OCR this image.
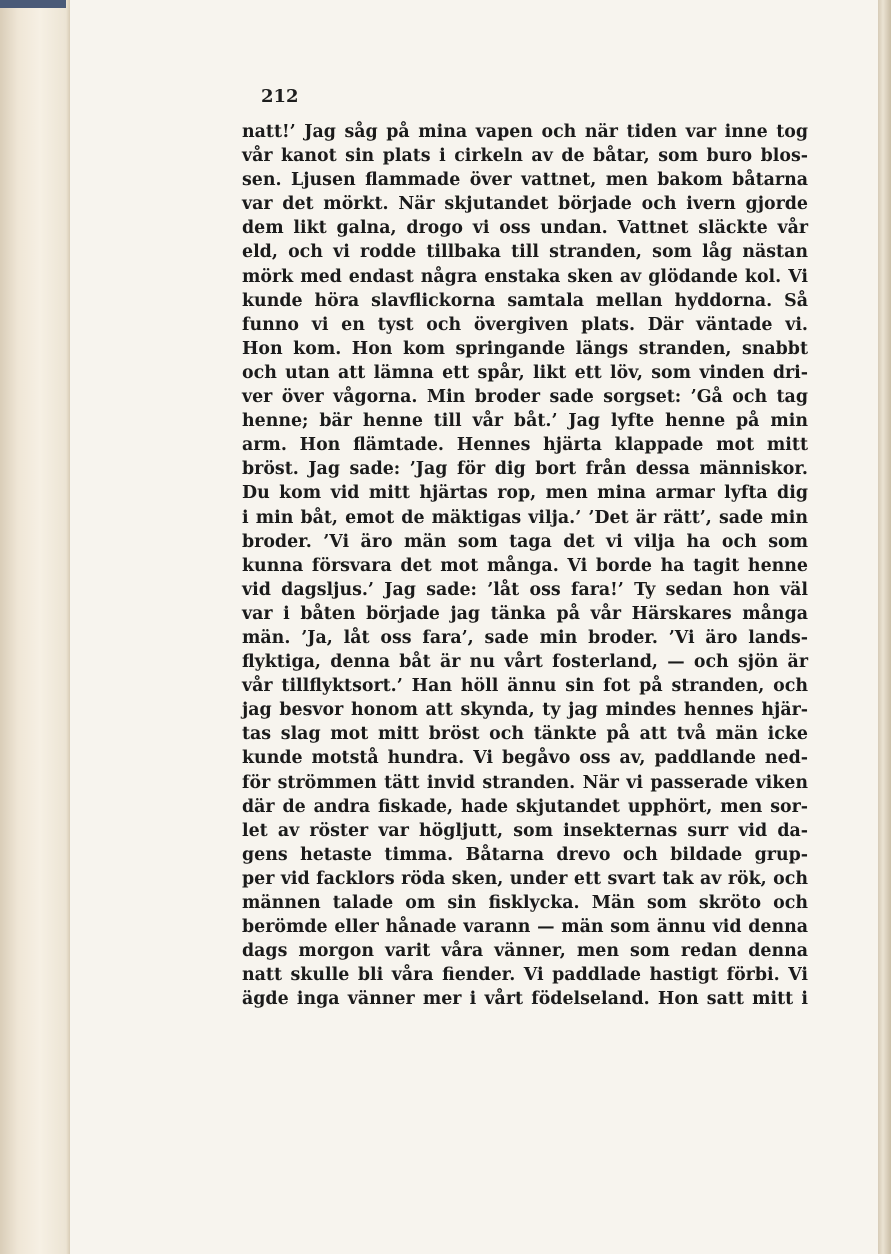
212
natt!’ Jag såg på mina vapen och när tiden var inne tog
vår kanot sin plats i cirkeln av de båtar, som buro blos-
sen. Ljusen flammade över vattnet, men bakom båtarna
var det mörkt. När skjutandet började och ivern gjorde
dem likt galna, drogo vi oss undan. Vattnet släckte vår
eld, och vi rodde tillbaka till stranden, som låg nästan
mörk med endast några enstaka sken av glödande kol. Vi
kunde höra slavflickorna samtala mellan hyddorna. Så
funno vi en tyst och övergiven plats. Där väntade vi.
Hon kom. Hon kom springande längs stranden, snabbt
och utan att lämna ett spår, likt ett löv, som vinden dri-
ver över vågorna. Min broder sade sorgset: ’Gå och tag
henne; bär henne till vår båt.’ Jag lyfte henne på min
arm. Hon flämtade. Hennes hjärta klappade mot mitt
bröst. Jag sade: ’Jag för dig bort från dessa människor.
Du kom vid mitt hjärtas rop, men mina armar lyfta dig
i min båt, emot de mäktigas vilja.’ ’Det är rätt’, sade min
broder. ’Vi äro män som taga det vi vilja ha och som
kunna försvara det mot många. Vi borde ha tagit henne
vid dagsljus.’ Jag sade: ’låt oss fara!’ Ty sedan hon väl
var i båten började jag tänka på vår Härskares många
män. ’Ja, låt oss fara’, sade min broder. ’Vi äro lands-
flyktiga, denna båt är nu vårt fosterland, — och sjön är
vår tillflyktsort.’ Han höll ännu sin fot på stranden, och
jag besvor honom att skynda, ty jag mindes hennes hjär-
tas slag mot mitt bröst och tänkte på att två män icke
kunde motstå hundra. Vi begåvo oss av, paddlande ned-
för strömmen tätt invid stranden. När vi passerade viken
där de andra fiskade, hade skjutandet upphört, men sor-
let av röster var högljutt, som insekternas surr vid da-
gens hetaste timma. Båtarna drevo och bildade grup-
per vid facklors röda sken, under ett svart tak av rök, och
männen talade om sin fisklycka. Män som skröto och
berömde eller hånade varann — män som ännu vid denna
dags morgon varit våra vänner, men som redan denna
natt skulle bli våra fiender. Vi paddlade hastigt förbi. Vi
ägde inga vänner mer i vårt födelseland. Hon satt mitt i
